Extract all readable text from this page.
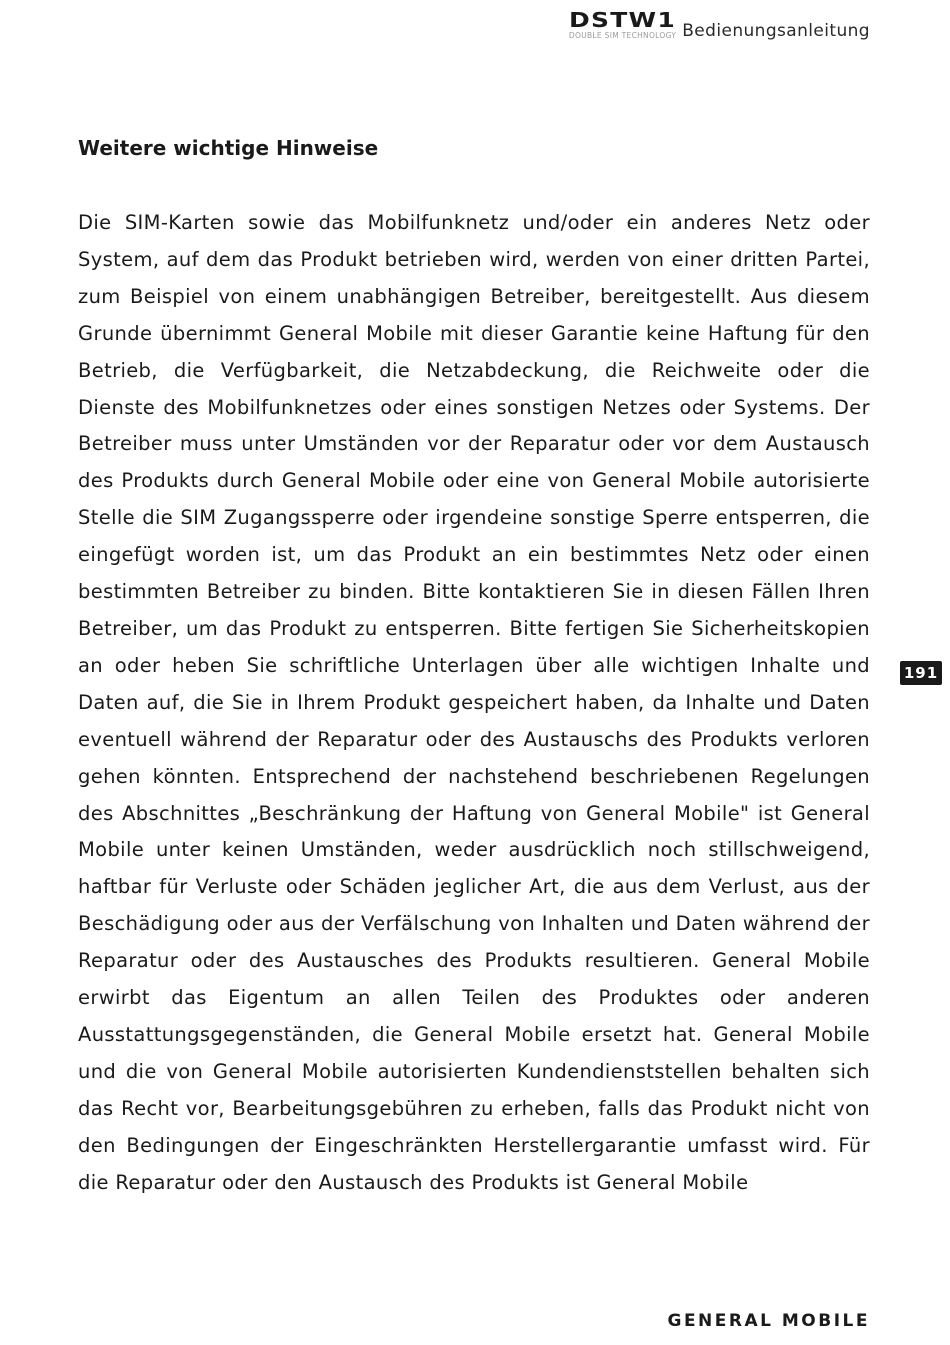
DSTW1
DOUBLE SIM TECHNOLOGY Bedienungsanleitung
Weitere wichtige Hinweise

Die SIM-Karten sowie das Mobilfunknetz und/oder ein anderes Netz oder System, auf dem das Produkt betrieben wird, werden von einer dritten Partei, zum Beispiel von einem unabhängigen Betreiber, bereitgestellt. Aus diesem Grunde übernimmt General Mobile mit dieser Garantie keine Haftung für den Betrieb, die Verfügbarkeit, die Netzabdeckung, die Reichweite oder die Dienste des Mobilfunknetzes oder eines sonstigen Netzes oder Systems. Der Betreiber muss unter Umständen vor der Reparatur oder vor dem Austausch des Produkts durch General Mobile oder eine von General Mobile autorisierte Stelle die SIM Zugangssperre oder irgendeine sonstige Sperre entsperren, die eingefügt worden ist, um das Produkt an ein bestimmtes Netz oder einen bestimmten Betreiber zu binden. Bitte kontaktieren Sie in diesen Fällen Ihren Betreiber, um das Produkt zu entsperren. Bitte fertigen Sie Sicherheitskopien an oder heben Sie schriftliche Unterlagen über alle wichtigen Inhalte und Daten auf, die Sie in Ihrem Produkt gespeichert haben, da Inhalte und Daten eventuell während der Reparatur oder des Austauschs des Produkts verloren gehen könnten. Entsprechend der nachstehend beschriebenen Regelungen des Abschnittes „Beschränkung der Haftung von General Mobile" ist General Mobile unter keinen Umständen, weder ausdrücklich noch stillschweigend, haftbar für Verluste oder Schäden jeglicher Art, die aus dem Verlust, aus der Beschädigung oder aus der Verfälschung von Inhalten und Daten während der Reparatur oder des Austausches des Produkts resultieren. General Mobile erwirbt das Eigentum an allen Teilen des Produktes oder anderen Ausstattungsgegenständen, die General Mobile ersetzt hat. General Mobile und die von General Mobile autorisierten Kundendienststellen behalten sich das Recht vor, Bearbeitungsgebühren zu erheben, falls das Produkt nicht von den Bedingungen der Eingeschränkten Herstellergarantie umfasst wird. Für die Reparatur oder den Austausch des Produkts ist General Mobile

191
GENERAL MOBILE
